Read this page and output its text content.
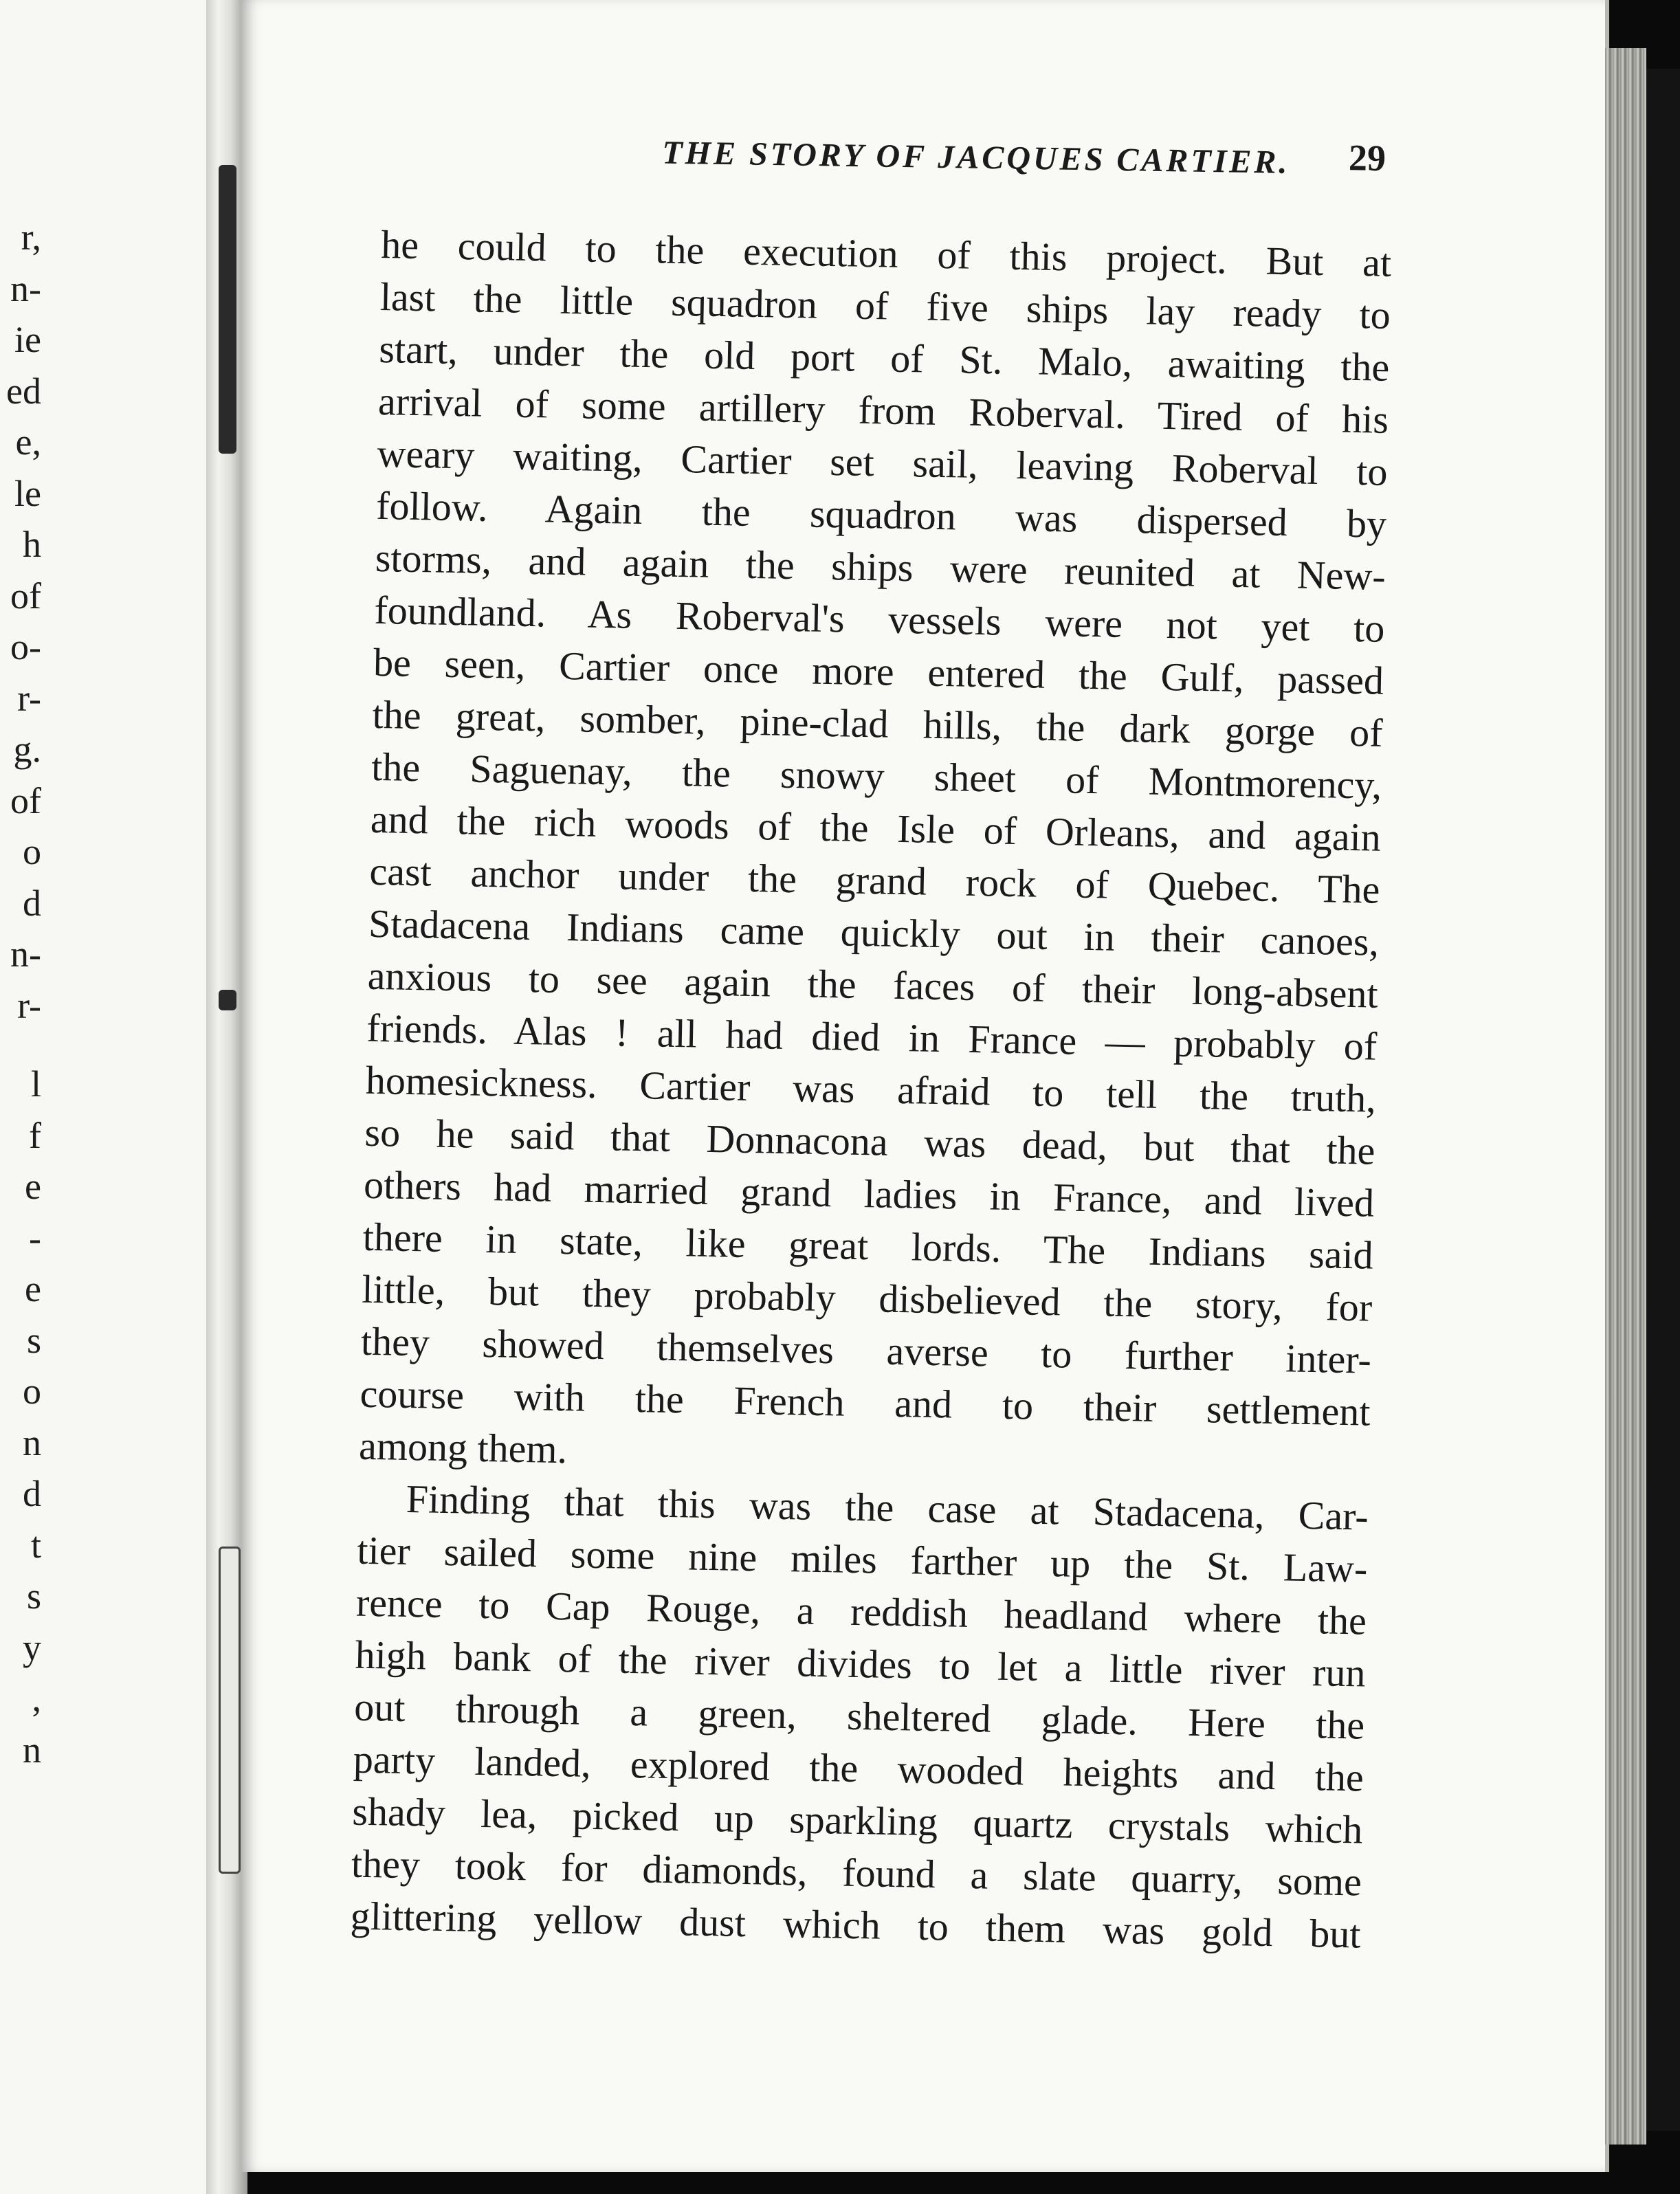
r,
n-
ie
ed
e,
le
h
of
o-
r-
g.
of
o
d
n-
r-
l
f
e
-
e
s
o
n
d
t
s
y
,
n
THE STORY OF JACQUES CARTIER.	29
he could to the execution of this project. But at
last the little squadron of five ships lay ready to
start, under the old port of St. Malo, awaiting the
arrival of some artillery from Roberval. Tired of his
weary waiting, Cartier set sail, leaving Roberval to
follow. Again the squadron was dispersed by
storms, and again the ships were reunited at New-
foundland. As Roberval's vessels were not yet to
be seen, Cartier once more entered the Gulf, passed
the great, somber, pine-clad hills, the dark gorge of
the Saguenay, the snowy sheet of Montmorency,
and the rich woods of the Isle of Orleans, and again
cast anchor under the grand rock of Quebec. The
Stadacena Indians came quickly out in their canoes,
anxious to see again the faces of their long-absent
friends. Alas ! all had died in France — probably of
homesickness. Cartier was afraid to tell the truth,
so he said that Donnacona was dead, but that the
others had married grand ladies in France, and lived
there in state, like great lords. The Indians said
little, but they probably disbelieved the story, for
they showed themselves averse to further inter-
course with the French and to their settlement
among them.
Finding that this was the case at Stadacena, Car-
tier sailed some nine miles farther up the St. Law-
rence to Cap Rouge, a reddish headland where the
high bank of the river divides to let a little river run
out through a green, sheltered glade. Here the
party landed, explored the wooded heights and the
shady lea, picked up sparkling quartz crystals which
they took for diamonds, found a slate quarry, some
glittering yellow dust which to them was gold but
